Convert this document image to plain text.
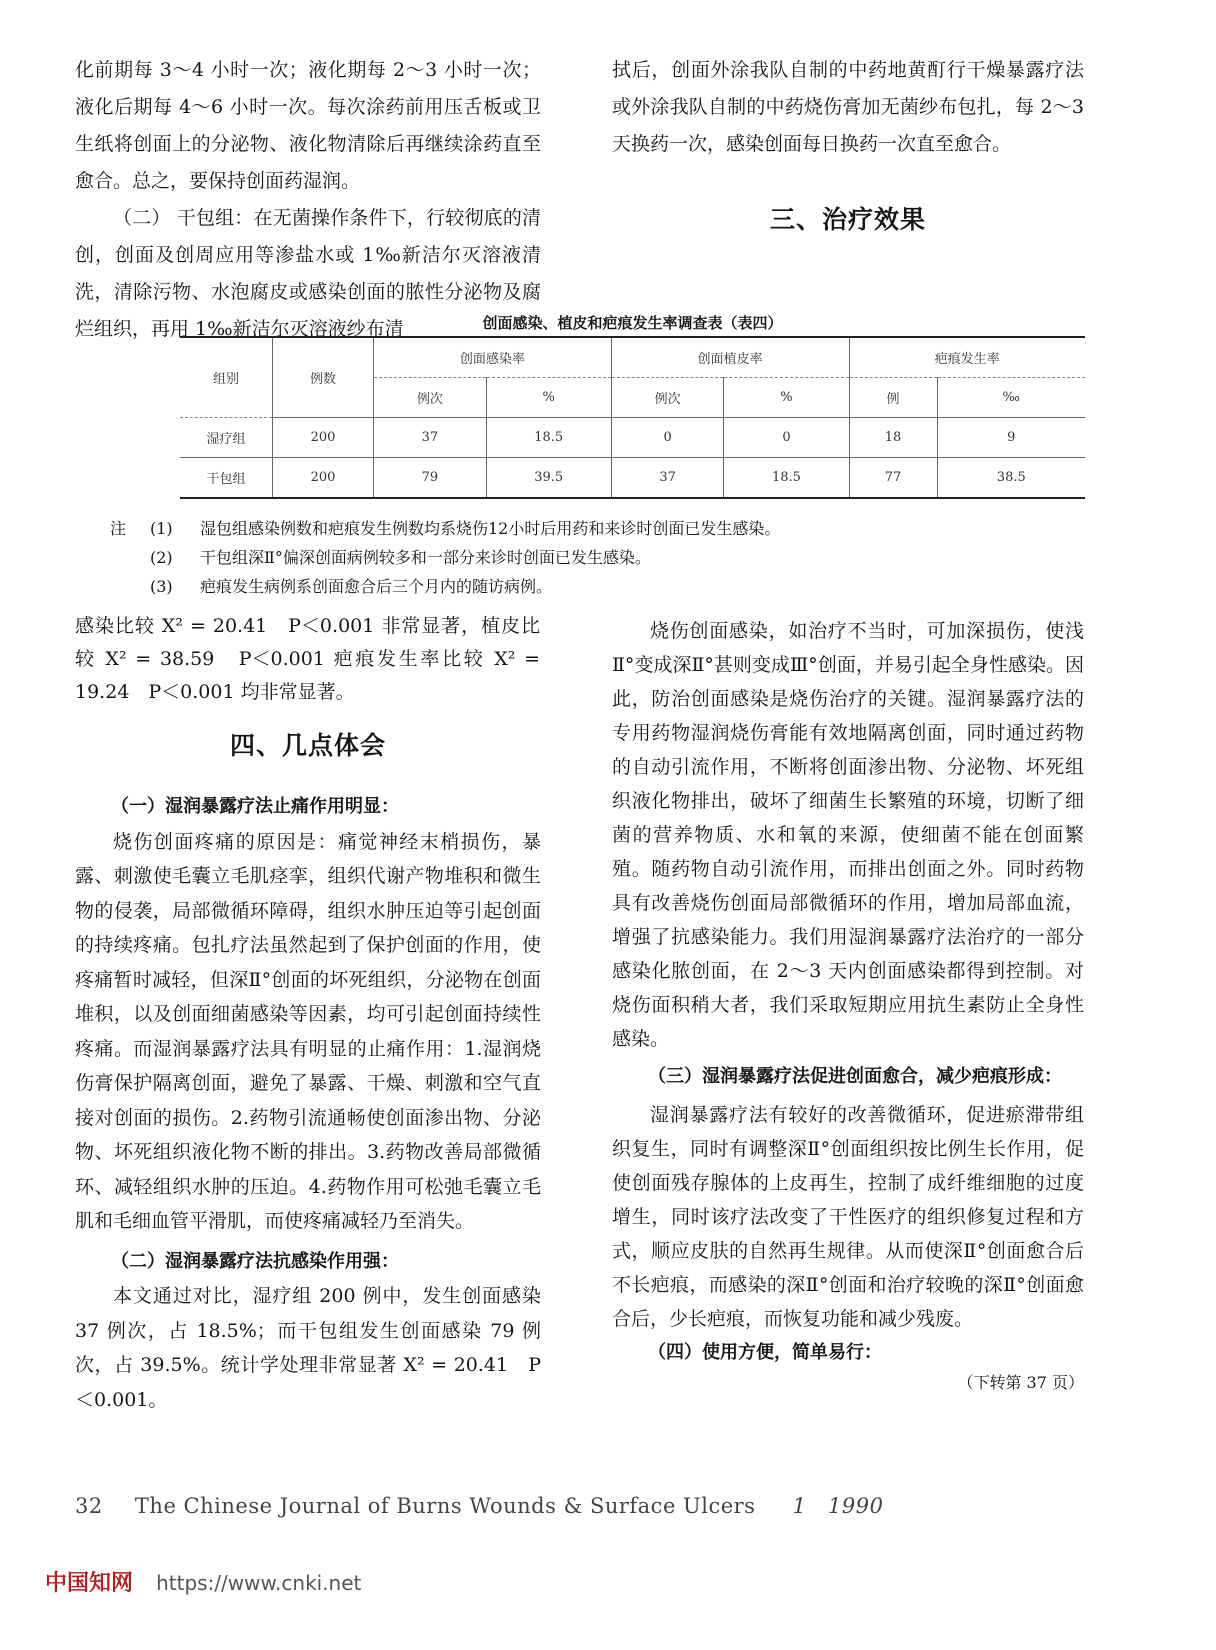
化前期每 3～4 小时一次；液化期每 2～3 小时一次；液化后期每 4～6 小时一次。每次涂药前用压舌板或卫生纸将创面上的分泌物、液化物清除后再继续涂药直至愈合。总之，要保持创面药湿润。

（二） 干包组：在无菌操作条件下，行较彻底的清创，创面及创周应用等渗盐水或 1‰新洁尔灭溶液清洗，清除污物、水泡腐皮或感染创面的脓性分泌物及腐烂组织，再用 1‰新洁尔灭溶液纱布清

拭后，创面外涂我队自制的中药地黄酊行干燥暴露疗法或外涂我队自制的中药烧伤膏加无菌纱布包扎，每 2～3 天换药一次，感染创面每日换药一次直至愈合。

三、治疗效果
创面感染、植皮和疤痕发生率调查表（表四）
组别	例数	创面感染率		创面植皮率		疤痕发生率	
		例次	%	例次	%	例	‰
湿疗组	200	37	18.5	0	0	18	9
干包组	200	79	39.5	37	18.5	77	38.5
注	(1)	湿包组感染例数和疤痕发生例数均系烧伤12小时后用药和来诊时创面已发生感染。
(2)	干包组深Ⅱ°偏深创面病例较多和一部分来诊时创面已发生感染。
(3)	疤痕发生病例系创面愈合后三个月内的随访病例。
感染比较 X² = 20.41　P＜0.001 非常显著，植皮比较 X² = 38.59　P＜0.001 疤痕发生率比较 X² = 19.24　P＜0.001 均非常显著。
四、几点体会

（一）湿润暴露疗法止痛作用明显：

烧伤创面疼痛的原因是：痛觉神经末梢损伤，暴露、刺激使毛囊立毛肌痉挛，组织代谢产物堆积和微生物的侵袭，局部微循环障碍，组织水肿压迫等引起创面的持续疼痛。包扎疗法虽然起到了保护创面的作用，使疼痛暂时减轻，但深Ⅱ°创面的坏死组织，分泌物在创面堆积，以及创面细菌感染等因素，均可引起创面持续性疼痛。而湿润暴露疗法具有明显的止痛作用：1.湿润烧伤膏保护隔离创面，避免了暴露、干燥、刺激和空气直接对创面的损伤。2.药物引流通畅使创面渗出物、分泌物、坏死组织液化物不断的排出。3.药物改善局部微循环、减轻组织水肿的压迫。4.药物作用可松弛毛囊立毛肌和毛细血管平滑肌，而使疼痛减轻乃至消失。

（二）湿润暴露疗法抗感染作用强：

本文通过对比，湿疗组 200 例中，发生创面感染 37 例次，占 18.5%；而干包组发生创面感染 79 例次，占 39.5%。统计学处理非常显著 X² = 20.41　P＜0.001。

烧伤创面感染，如治疗不当时，可加深损伤，使浅Ⅱ°变成深Ⅱ°甚则变成Ⅲ°创面，并易引起全身性感染。因此，防治创面感染是烧伤治疗的关键。湿润暴露疗法的专用药物湿润烧伤膏能有效地隔离创面，同时通过药物的自动引流作用，不断将创面渗出物、分泌物、坏死组织液化物排出，破坏了细菌生长繁殖的环境，切断了细菌的营养物质、水和氧的来源，使细菌不能在创面繁殖。随药物自动引流作用，而排出创面之外。同时药物具有改善烧伤创面局部微循环的作用，增加局部血流，增强了抗感染能力。我们用湿润暴露疗法治疗的一部分感染化脓创面，在 2～3 天内创面感染都得到控制。对烧伤面积稍大者，我们采取短期应用抗生素防止全身性感染。

（三）湿润暴露疗法促进创面愈合，减少疤痕形成：

湿润暴露疗法有较好的改善微循环，促进瘀滞带组织复生，同时有调整深Ⅱ°创面组织按比例生长作用，促使创面残存腺体的上皮再生，控制了成纤维细胞的过度增生，同时该疗法改变了干性医疗的组织修复过程和方式，顺应皮肤的自然再生规律。从而使深Ⅱ°创面愈合后不长疤痕，而感染的深Ⅱ°创面和治疗较晚的深Ⅱ°创面愈合后，少长疤痕，而恢复功能和减少残废。

（四）使用方便，简单易行：

（下转第 37 页）

32 The Chinese Journal of Burns Wounds & Surface Ulcers 1　1990
中国知网 https://www.cnki.net
